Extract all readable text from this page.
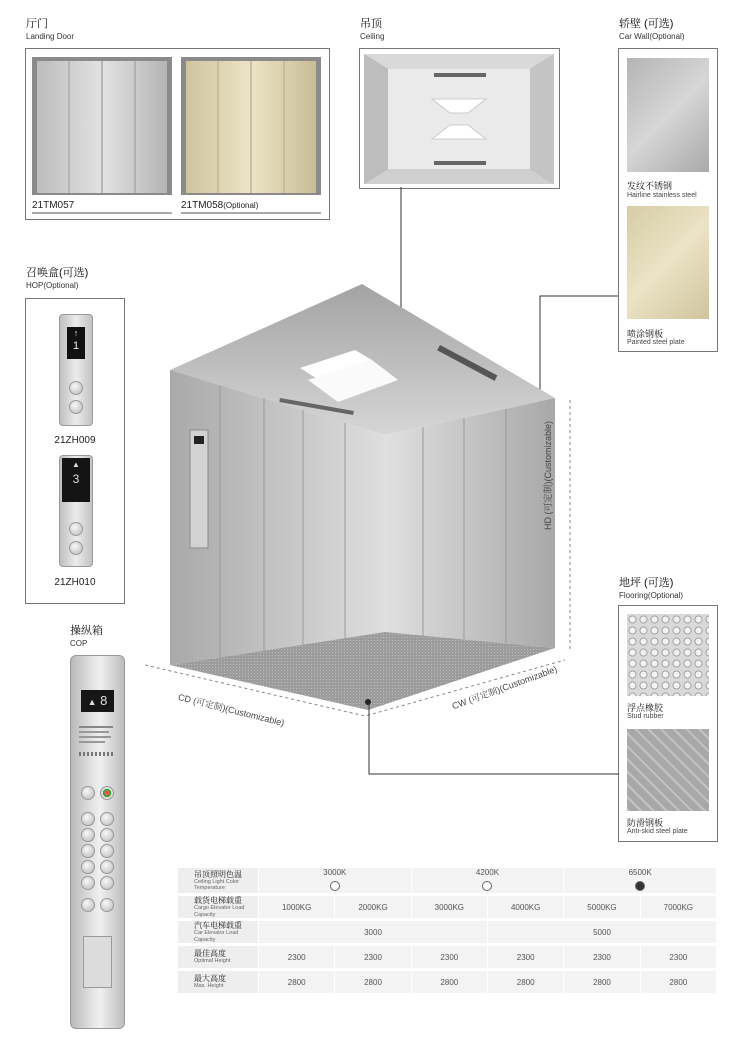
厅门
Landing Door
21TM057	21TM058(Optional)
吊顶
Ceiling
轿壁 (可选)
Car Wall(Optional)
发纹不锈钢
Hairline stainless steel
喷涂钢板
Painted steel plate
召唤盒(可选)
HOP(Optional)
↑
1
21ZH009
▲
3
21ZH010
操纵箱
COP
▲ 8
HD (可定制)(Customizable)
CD (可定制)(Customizable)	CW (可定制)(Customizable)
地坪 (可选)
Flooring(Optional)
浮点橡胶
Stud rubber
防滑钢板
Anti-skid steel plate
吊顶照明色温
Ceiling Light Color Temperature	3000K		4200K		6500K	

载货电梯载重
Cargo Elevator Load Capacity	1000KG	2000KG	3000KG	4000KG	5000KG	7000KG

汽车电梯载重
Car Elevator Load Capacity	3000			5000		

最佳高度
Optimal Height	2300	2300	2300	2300	2300	2300

最大高度
Max. Height	2800	2800	2800	2800	2800	2800
